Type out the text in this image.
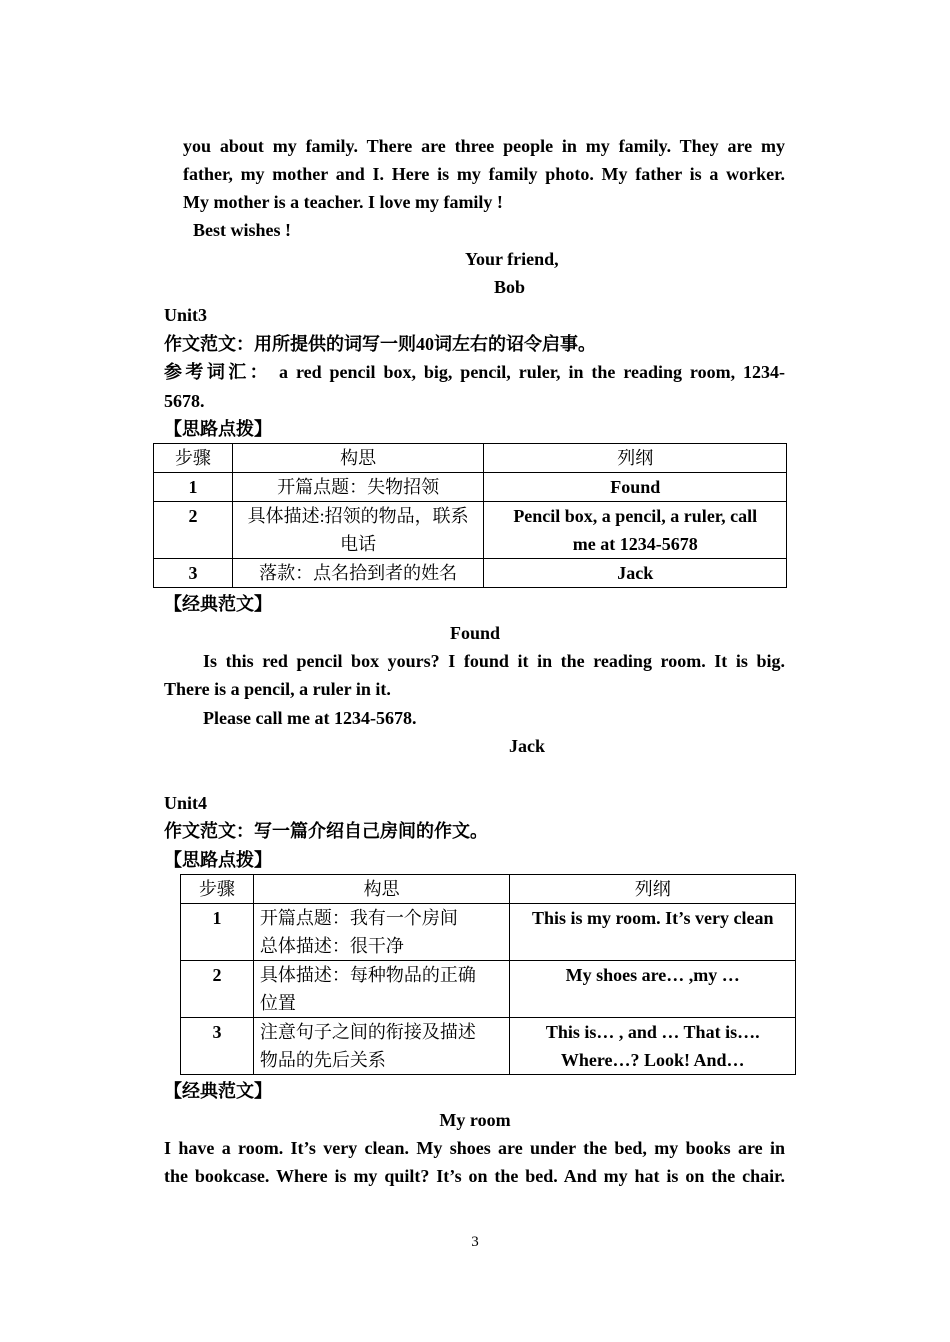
you about my family. There are three people in my family. They are my
father, my mother and I. Here is my family photo. My father is a worker.
My mother is a teacher. I love my family !
Best wishes !
Your friend,
Bob
Unit3
作文范文：用所提供的词写一则40词左右的诏令启事。
参考词汇： a red pencil box, big, pencil, ruler, in the reading room, 1234-
5678.
【思路点拨】
步骤	构思	列纲
1	开篇点题：失物招领	Found
2	具体描述:招领的物品，联系
电话	Pencil box, a pencil, a ruler, call
me at 1234-5678
3	落款：点名拾到者的姓名	Jack
【经典范文】
Found
Is this red pencil box yours? I found it in the reading room. It is big.
There is a pencil, a ruler in it.
Please call me at 1234-5678.
Jack
Unit4
作文范文：写一篇介绍自己房间的作文。
【思路点拨】
步骤	构思	列纲
1	开篇点题：我有一个房间
总体描述：很干净	This is my room. It’s very clean

2	具体描述：每种物品的正确
位置	My shoes are… ,my …

3	注意句子之间的衔接及描述
物品的先后关系	This is… , and … That is….
Where…? Look! And…
【经典范文】
My room
I have a room. It’s very clean. My shoes are under the bed, my books are in
the bookcase. Where is my quilt? It’s on the bed. And my hat is on the chair.
3
